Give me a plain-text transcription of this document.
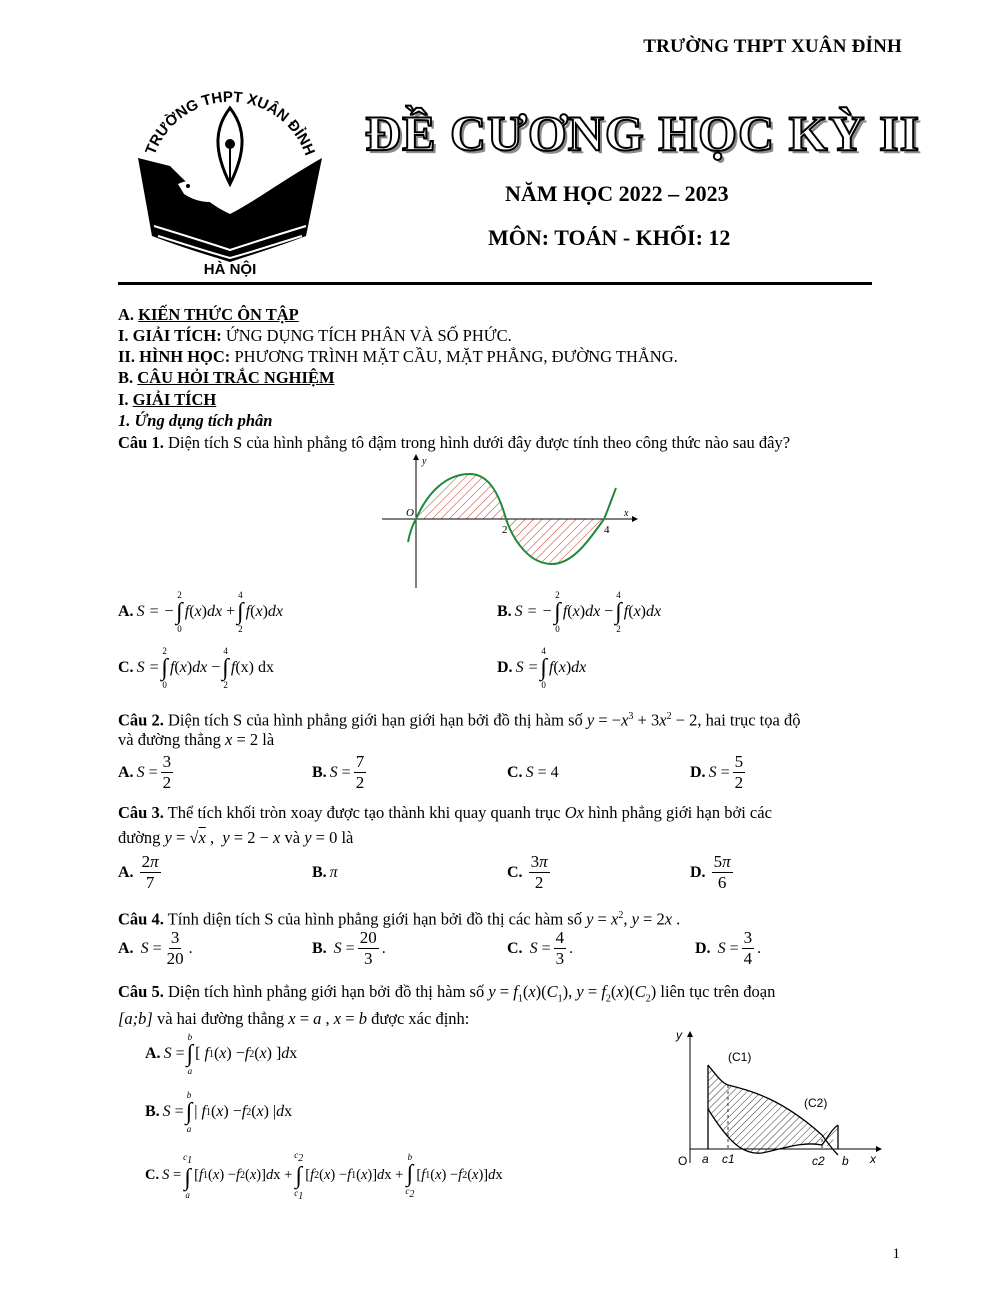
TRƯỜNG THPT XUÂN ĐỈNH
TRƯỜNG THPT XUÂN ĐỈNH
HÀ NỘI
ĐỀ CƯƠNG HỌC KỲ II
NĂM HỌC 2022 – 2023
MÔN: TOÁN - KHỐI: 12
A. KIẾN THỨC ÔN TẬP
I. GIẢI TÍCH: ỨNG DỤNG TÍCH PHÂN VÀ SỐ PHỨC.
II. HÌNH HỌC: PHƯƠNG TRÌNH MẶT CẦU, MẶT PHẲNG, ĐƯỜNG THẲNG.
B. CÂU HỎI TRẮC NGHIỆM
I. GIẢI TÍCH
1. Ứng dụng tích phân
Câu 1. Diện tích S của hình phẳng tô đậm trong hình dưới đây được tính theo công thức nào sau đây?
y
x
O
2	4
A. S = −
2
∫
0
f ( x ) dx +
4
∫
2
f ( x ) dx	B. S = −
2
∫
0
f ( x ) dx −
4
∫
2
f ( x ) dx
C. S =
2
∫
0
f ( x ) dx −
4
∫
2
f (x) dx	D. S =
4
∫
0
f ( x ) dx
Câu 2. Diện tích S của hình phẳng giới hạn giới hạn bởi đồ thị hàm số $y = -x^3 + 3x^2 - 2$, hai trục tọa độ
và đường thẳng x = 2 là
A. $S = \frac{3}{2}$	B. $S = \frac{7}{2}$	C. S = 4	D. $S = \frac{5}{2}$
Câu 3. Thể tích khối tròn xoay được tạo thành khi quay quanh trục Ox hình phẳng giới hạn bởi các
đường y = √x ,  y = 2 − x và y = 0 là
A. $\frac{2\pi}{7}$	B. π	C. $\frac{3\pi}{2}$	D. $\frac{5\pi}{6}$
Câu 4. Tính diện tích S của hình phẳng giới hạn bởi đồ thị các hàm số $y = x^2$, y = 2x .
A.
$S = \frac{3}{20}$ .	B.
$S = \frac{20}{3}$ .	C.
$S = \frac{4}{3}$ .	D.
$S = \frac{3}{4}$ .
Câu 5. Diện tích hình phẳng giới hạn bởi đồ thị hàm số $y = f_1(x)(C_1)$, $y = f_2(x)(C_2)$ liên tục trên đoạn
[a;b] và hai đường thẳng x = a , x = b được xác định:
A. S =
b
∫
a
[ f 1 ( x ) − f 2 ( x ) ] d x
B. S =
b
∫
a
| f 1 ( x ) − f 2 ( x ) | d x
C. S =
$c_1$
∫
a
[ f 1 ( x ) − f 2 ( x )] d x +
$c_2$
∫
$c_1$
[ f 2 ( x ) − f 1 ( x )] d x +
b
∫
$c_2$
[ f 1 ( x ) − f 2 ( x )] d x
y
x
O
(C1)
(C2)
a c1	c2 b
1
